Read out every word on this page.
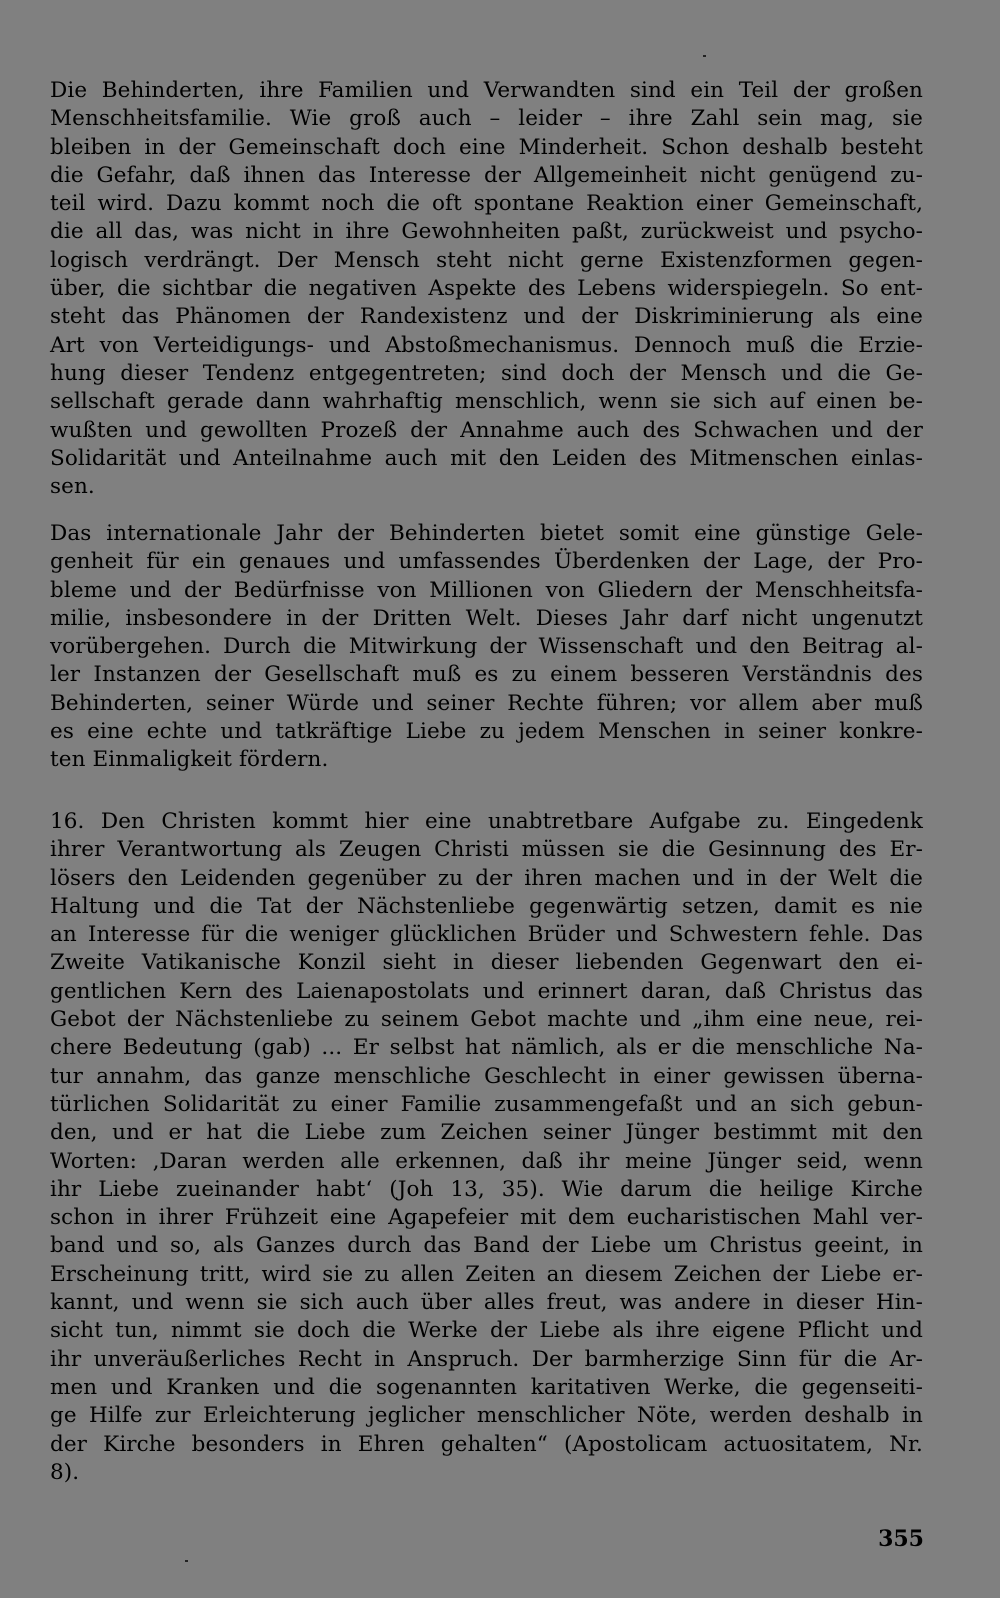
Die Behinderten, ihre Familien und Verwandten sind ein Teil der großen
Menschheitsfamilie. Wie groß auch – leider – ihre Zahl sein mag, sie
bleiben in der Gemeinschaft doch eine Minderheit. Schon deshalb besteht
die Gefahr, daß ihnen das Interesse der Allgemeinheit nicht genügend zu-
teil wird. Dazu kommt noch die oft spontane Reaktion einer Gemeinschaft,
die all das, was nicht in ihre Gewohnheiten paßt, zurückweist und psycho-
logisch verdrängt. Der Mensch steht nicht gerne Existenzformen gegen-
über, die sichtbar die negativen Aspekte des Lebens widerspiegeln. So ent-
steht das Phänomen der Randexistenz und der Diskriminierung als eine
Art von Verteidigungs- und Abstoßmechanismus. Dennoch muß die Erzie-
hung dieser Tendenz entgegentreten; sind doch der Mensch und die Ge-
sellschaft gerade dann wahrhaftig menschlich, wenn sie sich auf einen be-
wußten und gewollten Prozeß der Annahme auch des Schwachen und der
Solidarität und Anteilnahme auch mit den Leiden des Mitmenschen einlas-
sen.
Das internationale Jahr der Behinderten bietet somit eine günstige Gele-
genheit für ein genaues und umfassendes Überdenken der Lage, der Pro-
bleme und der Bedürfnisse von Millionen von Gliedern der Menschheitsfa-
milie, insbesondere in der Dritten Welt. Dieses Jahr darf nicht ungenutzt
vorübergehen. Durch die Mitwirkung der Wissenschaft und den Beitrag al-
ler Instanzen der Gesellschaft muß es zu einem besseren Verständnis des
Behinderten, seiner Würde und seiner Rechte führen; vor allem aber muß
es eine echte und tatkräftige Liebe zu jedem Menschen in seiner konkre-
ten Einmaligkeit fördern.
16. Den Christen kommt hier eine unabtretbare Aufgabe zu. Eingedenk
ihrer Verantwortung als Zeugen Christi müssen sie die Gesinnung des Er-
lösers den Leidenden gegenüber zu der ihren machen und in der Welt die
Haltung und die Tat der Nächstenliebe gegenwärtig setzen, damit es nie
an Interesse für die weniger glücklichen Brüder und Schwestern fehle. Das
Zweite Vatikanische Konzil sieht in dieser liebenden Gegenwart den ei-
gentlichen Kern des Laienapostolats und erinnert daran, daß Christus das
Gebot der Nächstenliebe zu seinem Gebot machte und „ihm eine neue, rei-
chere Bedeutung (gab) ... Er selbst hat nämlich, als er die menschliche Na-
tur annahm, das ganze menschliche Geschlecht in einer gewissen überna-
türlichen Solidarität zu einer Familie zusammengefaßt und an sich gebun-
den, und er hat die Liebe zum Zeichen seiner Jünger bestimmt mit den
Worten: ‚Daran werden alle erkennen, daß ihr meine Jünger seid, wenn
ihr Liebe zueinander habt‘ (Joh 13, 35). Wie darum die heilige Kirche
schon in ihrer Frühzeit eine Agapefeier mit dem eucharistischen Mahl ver-
band und so, als Ganzes durch das Band der Liebe um Christus geeint, in
Erscheinung tritt, wird sie zu allen Zeiten an diesem Zeichen der Liebe er-
kannt, und wenn sie sich auch über alles freut, was andere in dieser Hin-
sicht tun, nimmt sie doch die Werke der Liebe als ihre eigene Pflicht und
ihr unveräußerliches Recht in Anspruch. Der barmherzige Sinn für die Ar-
men und Kranken und die sogenannten karitativen Werke, die gegenseiti-
ge Hilfe zur Erleichterung jeglicher menschlicher Nöte, werden deshalb in
der Kirche besonders in Ehren gehalten“ (Apostolicam actuositatem, Nr.
8).
355
